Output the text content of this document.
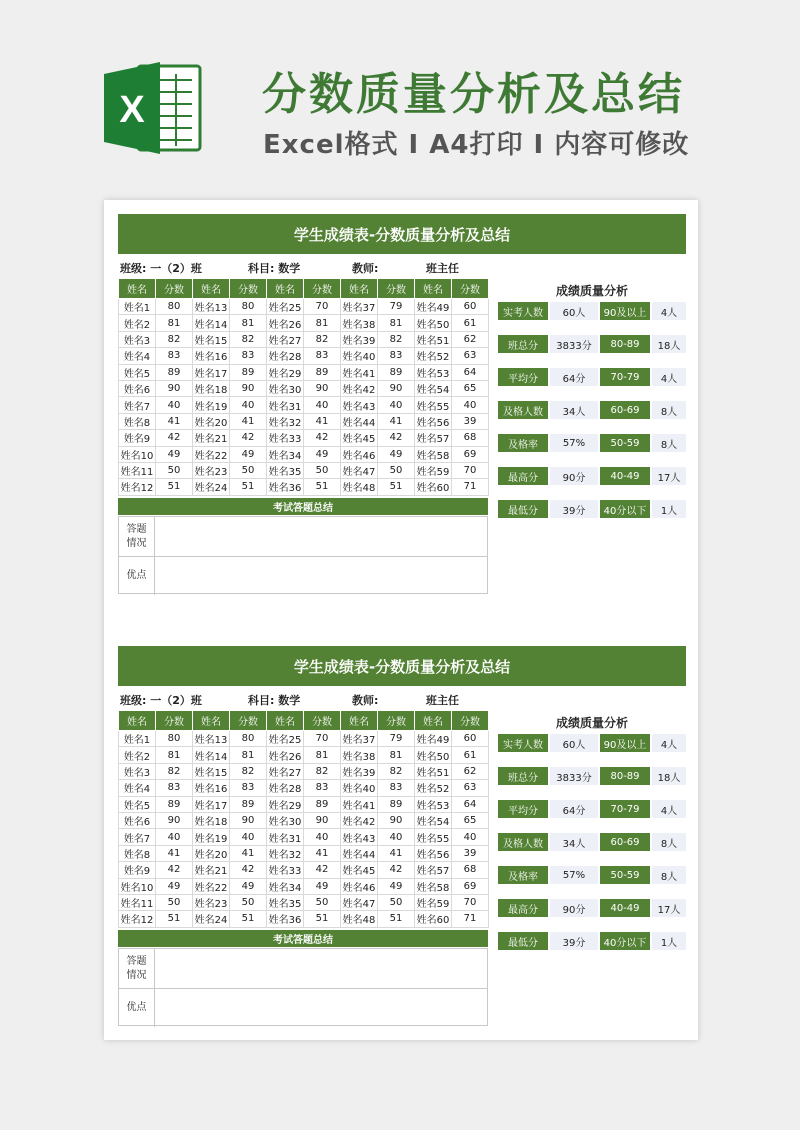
X	分数质量分析及总结
Excel格式 I A4打印 I 内容可修改
学生成绩表-分数质量分析及总结
班级: 一（2）班	科目: 数学	教师:	班主任
姓名	分数	姓名	分数	姓名	分数	姓名	分数	姓名	分数
姓名1	80	姓名13	80	姓名25	70	姓名37	79	姓名49	60
姓名2	81	姓名14	81	姓名26	81	姓名38	81	姓名50	61
姓名3	82	姓名15	82	姓名27	82	姓名39	82	姓名51	62
姓名4	83	姓名16	83	姓名28	83	姓名40	83	姓名52	63
姓名5	89	姓名17	89	姓名29	89	姓名41	89	姓名53	64
姓名6	90	姓名18	90	姓名30	90	姓名42	90	姓名54	65
姓名7	40	姓名19	40	姓名31	40	姓名43	40	姓名55	40
姓名8	41	姓名20	41	姓名32	41	姓名44	41	姓名56	39
姓名9	42	姓名21	42	姓名33	42	姓名45	42	姓名57	68
姓名10	49	姓名22	49	姓名34	49	姓名46	49	姓名58	69
姓名11	50	姓名23	50	姓名35	50	姓名47	50	姓名59	70
姓名12	51	姓名24	51	姓名36	51	姓名48	51	姓名60	71
考试答题总结
答题
情况
优点
成绩质量分析
实考人数	60人	90及以上	4人
班总分	3833分	80-89	18人
平均分	64分	70-79	4人
及格人数	34人	60-69	8人
及格率	57%	50-59	8人
最高分	90分	40-49	17人
最低分	39分	40分以下	1人
学生成绩表-分数质量分析及总结
班级: 一（2）班	科目: 数学	教师:	班主任
姓名	分数	姓名	分数	姓名	分数	姓名	分数	姓名	分数
姓名1	80	姓名13	80	姓名25	70	姓名37	79	姓名49	60
姓名2	81	姓名14	81	姓名26	81	姓名38	81	姓名50	61
姓名3	82	姓名15	82	姓名27	82	姓名39	82	姓名51	62
姓名4	83	姓名16	83	姓名28	83	姓名40	83	姓名52	63
姓名5	89	姓名17	89	姓名29	89	姓名41	89	姓名53	64
姓名6	90	姓名18	90	姓名30	90	姓名42	90	姓名54	65
姓名7	40	姓名19	40	姓名31	40	姓名43	40	姓名55	40
姓名8	41	姓名20	41	姓名32	41	姓名44	41	姓名56	39
姓名9	42	姓名21	42	姓名33	42	姓名45	42	姓名57	68
姓名10	49	姓名22	49	姓名34	49	姓名46	49	姓名58	69
姓名11	50	姓名23	50	姓名35	50	姓名47	50	姓名59	70
姓名12	51	姓名24	51	姓名36	51	姓名48	51	姓名60	71
考试答题总结
答题
情况
优点
成绩质量分析
实考人数	60人	90及以上	4人
班总分	3833分	80-89	18人
平均分	64分	70-79	4人
及格人数	34人	60-69	8人
及格率	57%	50-59	8人
最高分	90分	40-49	17人
最低分	39分	40分以下	1人
